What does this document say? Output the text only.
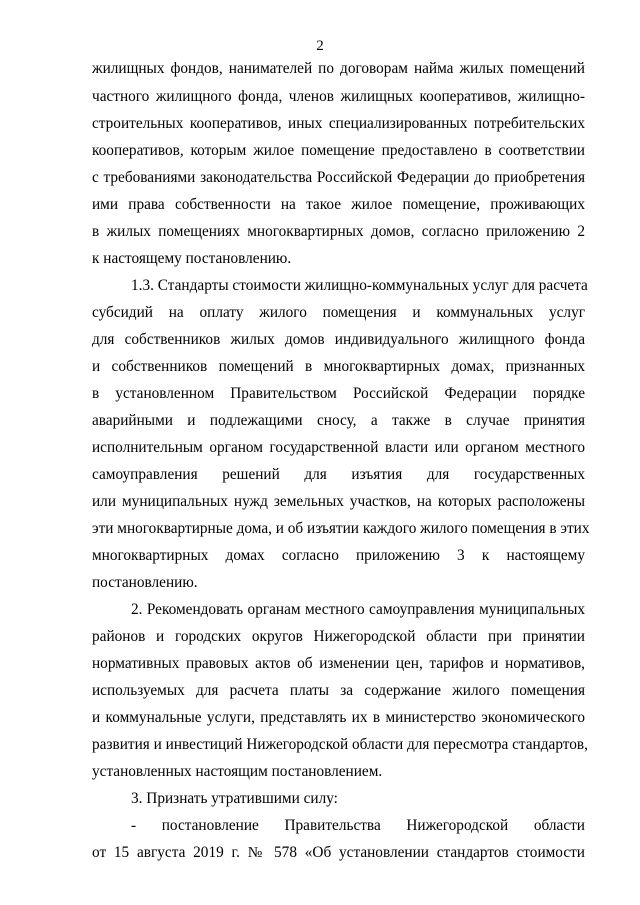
2
жилищных фондов, нанимателей по договорам найма жилых помещений
частного жилищного фонда, членов жилищных кооперативов, жилищно-
строительных кооперативов, иных специализированных потребительских
кооперативов, которым жилое помещение предоставлено в соответствии
с требованиями законодательства Российской Федерации до приобретения
ими права собственности на такое жилое помещение, проживающих
в жилых помещениях многоквартирных домов, согласно приложению 2
к настоящему постановлению.
1.3. Стандарты стоимости жилищно-коммунальных услуг для расчета
субсидий на оплату жилого помещения и коммунальных услуг
для собственников жилых домов индивидуального жилищного фонда
и собственников помещений в многоквартирных домах, признанных
в установленном Правительством Российской Федерации порядке
аварийными и подлежащими сносу, а также в случае принятия
исполнительным органом государственной власти или органом местного
самоуправления решений для изъятия для государственных
или муниципальных нужд земельных участков, на которых расположены
эти многоквартирные дома, и об изъятии каждого жилого помещения в этих
многоквартирных домах согласно приложению 3 к настоящему
постановлению.
2. Рекомендовать органам местного самоуправления муниципальных
районов и городских округов Нижегородской области при принятии
нормативных правовых актов об изменении цен, тарифов и нормативов,
используемых для расчета платы за содержание жилого помещения
и коммунальные услуги, представлять их в министерство экономического
развития и инвестиций Нижегородской области для пересмотра стандартов,
установленных настоящим постановлением.
3. Признать утратившими силу:
- постановление Правительства Нижегородской области
от 15 августа 2019 г. № 578 «Об установлении стандартов стоимости
